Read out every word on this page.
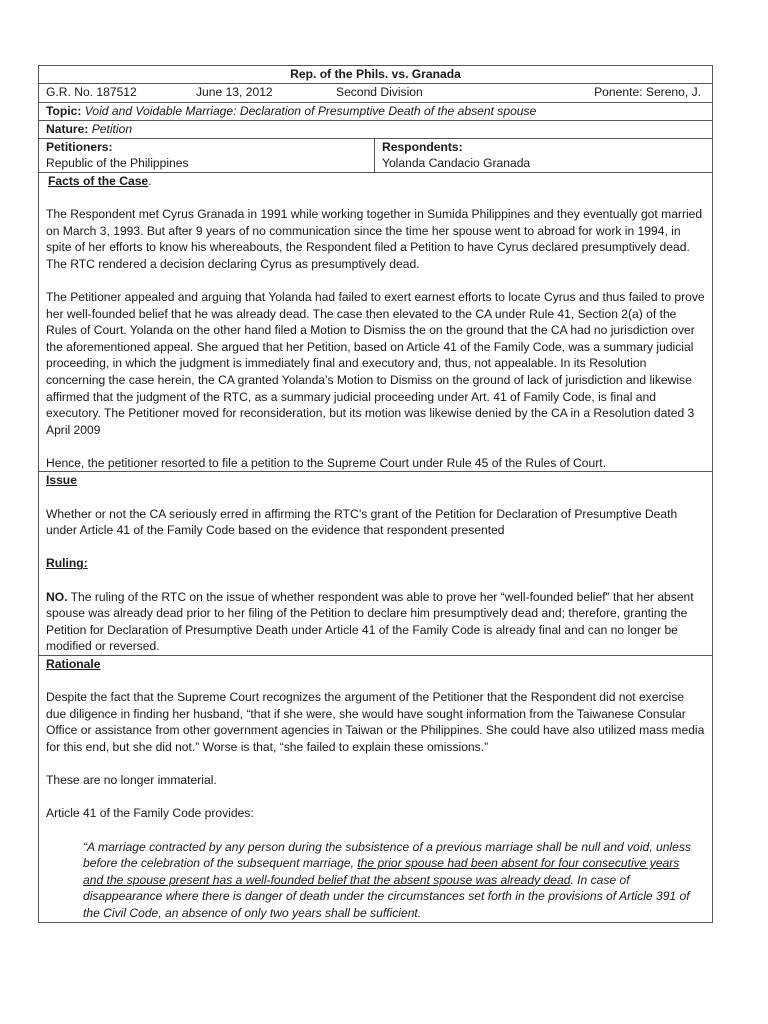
Rep. of the Phils. vs. Granada

G.R. No. 187512	June 13, 2012	Second Division	Ponente: Sereno, J.

Topic: Void and Voidable Marriage: Declaration of Presumptive Death of the absent spouse
Nature: Petition

Petitioners:
Republic of the Philippines

Respondents:
Yolanda Candacio Granada

Facts of the Case.

The Respondent met Cyrus Granada in 1991 while working together in Sumida Philippines and they eventually got married on March 3, 1993. But after 9 years of no communication since the time her spouse went to abroad for work in 1994, in spite of her efforts to know his whereabouts, the Respondent filed a Petition to have Cyrus declared presumptively dead. The RTC rendered a decision declaring Cyrus as presumptively dead.

The Petitioner appealed and arguing that Yolanda had failed to exert earnest efforts to locate Cyrus and thus failed to prove her well-founded belief that he was already dead. The case then elevated to the CA under Rule 41, Section 2(a) of the Rules of Court. Yolanda on the other hand filed a Motion to Dismiss the on the ground that the CA had no jurisdiction over the aforementioned appeal. She argued that her Petition, based on Article 41 of the Family Code, was a summary judicial proceeding, in which the judgment is immediately final and executory and, thus, not appealable. In its Resolution concerning the case herein, the CA granted Yolanda’s Motion to Dismiss on the ground of lack of jurisdiction and likewise affirmed that the judgment of the RTC, as a summary judicial proceeding under Art. 41 of Family Code, is final and executory. The Petitioner moved for reconsideration, but its motion was likewise denied by the CA in a Resolution dated 3 April 2009

Hence, the petitioner resorted to file a petition to the Supreme Court under Rule 45 of the Rules of Court.

Issue

Whether or not the CA seriously erred in affirming the RTC’s grant of the Petition for Declaration of Presumptive Death under Article 41 of the Family Code based on the evidence that respondent presented

Ruling:

NO. The ruling of the RTC on the issue of whether respondent was able to prove her “well-founded belief” that her absent spouse was already dead prior to her filing of the Petition to declare him presumptively dead and; therefore, granting the Petition for Declaration of Presumptive Death under Article 41 of the Family Code is already final and can no longer be modified or reversed.

Rationale

Despite the fact that the Supreme Court recognizes the argument of the Petitioner that the Respondent did not exercise due diligence in finding her husband, “that if she were, she would have sought information from the Taiwanese Consular Office or assistance from other government agencies in Taiwan or the Philippines. She could have also utilized mass media for this end, but she did not.” Worse is that, “she failed to explain these omissions.”

These are no longer immaterial.

Article 41 of the Family Code provides:

“A marriage contracted by any person during the subsistence of a previous marriage shall be null and void, unless before the celebration of the subsequent marriage, the prior spouse had been absent for four consecutive years and the spouse present has a well-founded belief that the absent spouse was already dead. In case of disappearance where there is danger of death under the circumstances set forth in the provisions of Article 391 of the Civil Code, an absence of only two years shall be sufficient.
